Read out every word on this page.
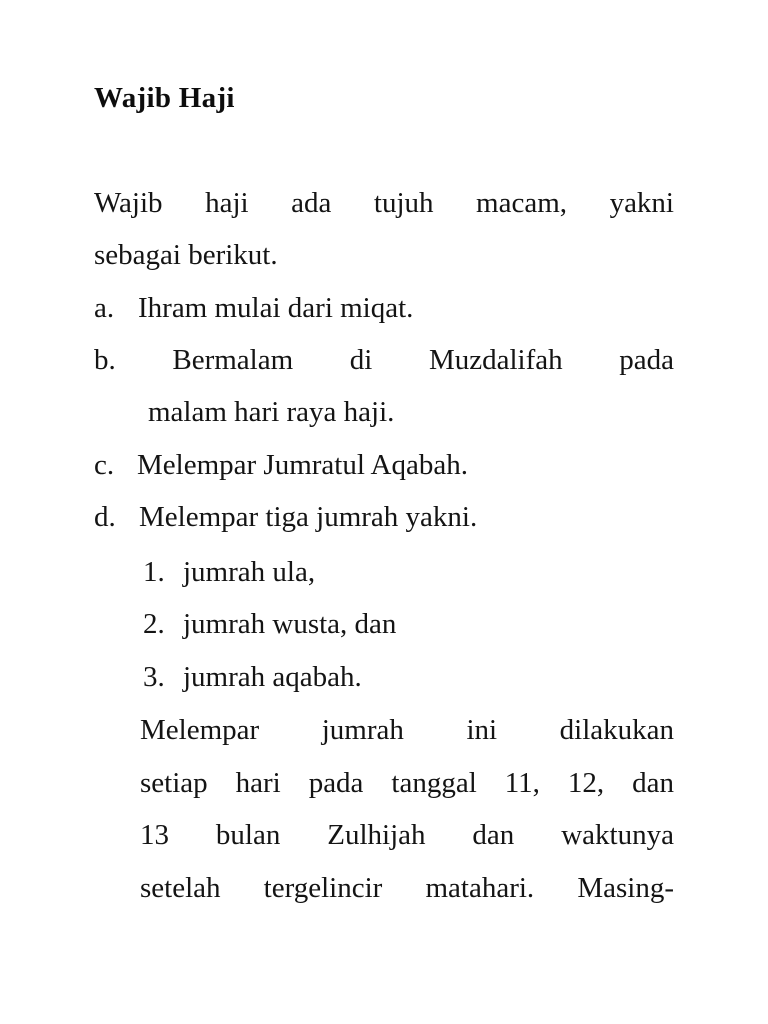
Wajib Haji
Wajib haji ada tujuh macam, yakni
sebagai berikut.
a. Ihram mulai dari miqat.
b. Bermalam di Muzdalifah pada
malam hari raya haji.
c. Melempar Jumratul Aqabah.
d. Melempar tiga jumrah yakni.
1. jumrah ula,
2. jumrah wusta, dan
3. jumrah aqabah.
Melempar jumrah ini dilakukan
setiap hari pada tanggal 11, 12, dan
13 bulan Zulhijah dan waktunya
setelah tergelincir matahari. Masing-
